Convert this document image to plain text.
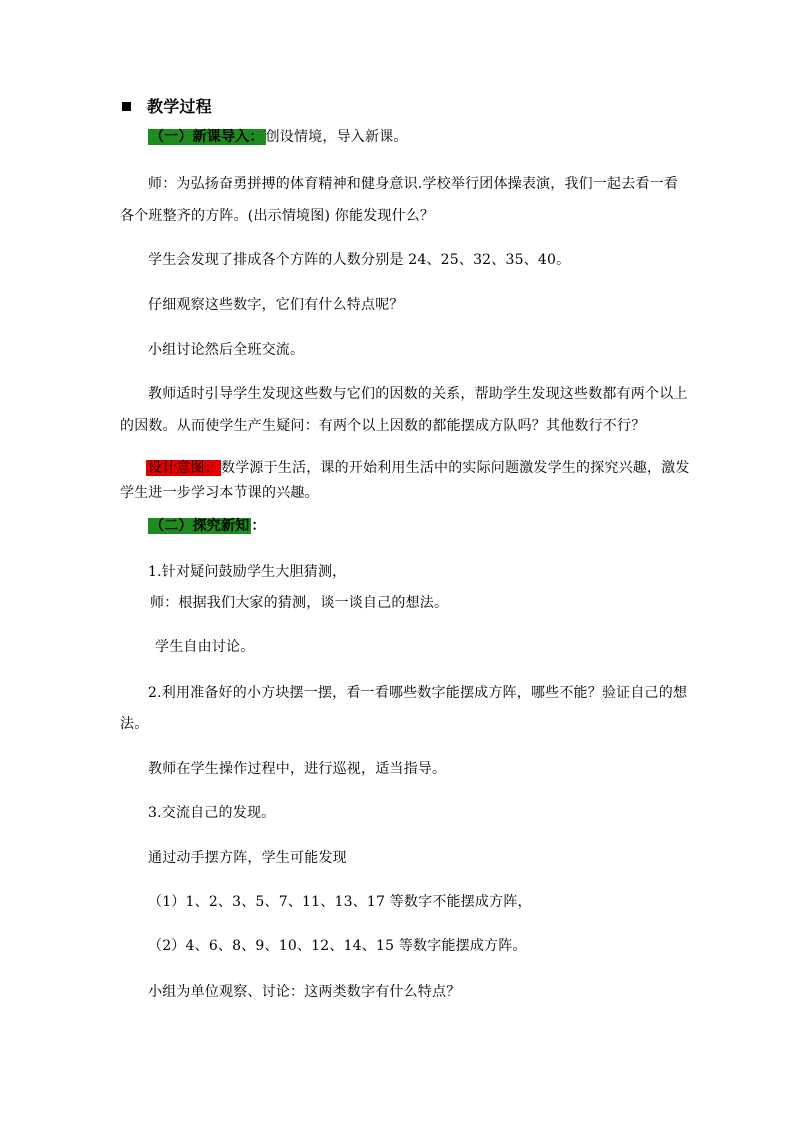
教学过程
（一）新课导入： 创设情境，导入新课。
师：为弘扬奋勇拼搏的体育精神和健身意识.学校举行团体操表演，我们一起去看一看
各个班整齐的方阵。(出示情境图) 你能发现什么？
学生会发现了排成各个方阵的人数分别是 24、25、32、35、40。
仔细观察这些数字，它们有什么特点呢？
小组讨论然后全班交流。
教师适时引导学生发现这些数与它们的因数的关系，帮助学生发现这些数都有两个以上
的因数。从而使学生产生疑问：有两个以上因数的都能摆成方队吗？其他数行不行？
设计意图： 数学源于生活，课的开始利用生活中的实际问题激发学生的探究兴趣，激发
学生进一步学习本节课的兴趣。
（二）探究新知 ：
1.针对疑问鼓励学生大胆猜测，
师：根据我们大家的猜测，谈一谈自己的想法。
学生自由讨论。
2.利用准备好的小方块摆一摆，看一看哪些数字能摆成方阵，哪些不能？验证自己的想
法。
教师在学生操作过程中，进行巡视，适当指导。
3.交流自己的发现。
通过动手摆方阵，学生可能发现
（1）1、2、3、5、7、11、13、17 等数字不能摆成方阵，
（2）4、6、8、9、10、12、14、15 等数字能摆成方阵。
小组为单位观察、讨论：这两类数字有什么特点？
